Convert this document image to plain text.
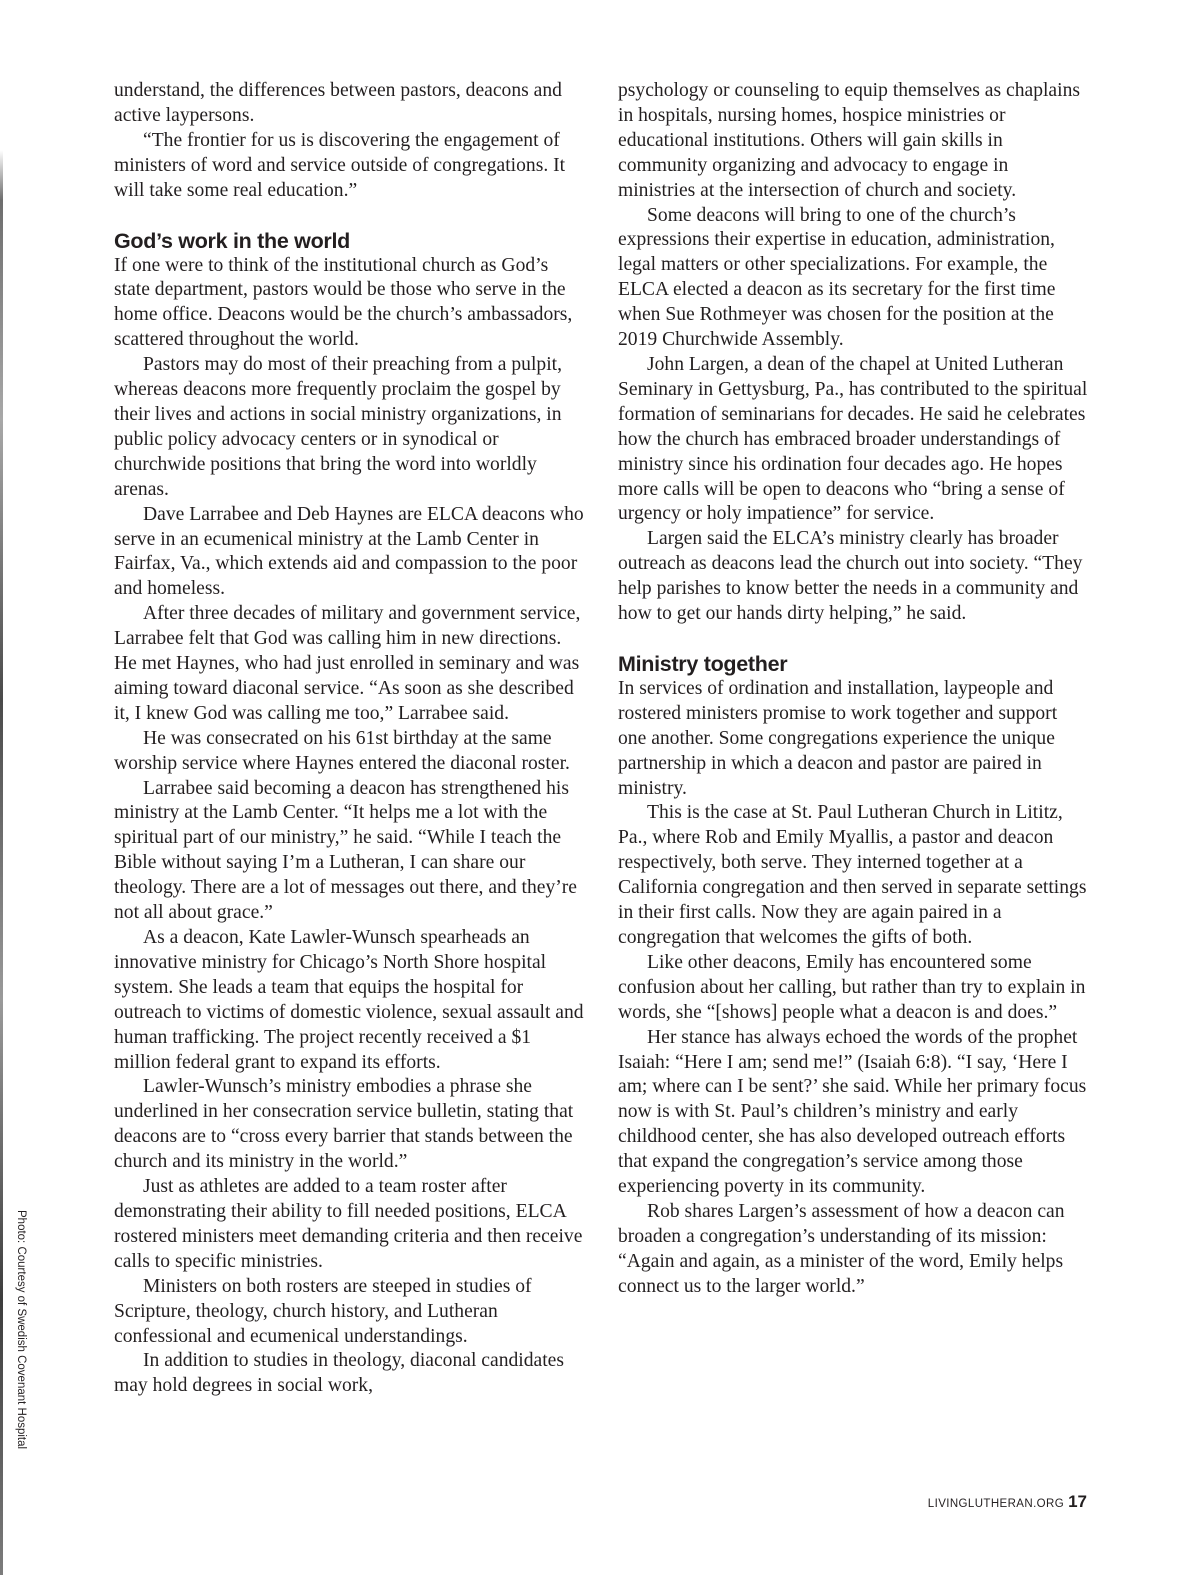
Photo: Courtesy of Swedish Covenant Hospital

understand, the differences between pastors, deacons and active laypersons.

“The frontier for us is discovering the engagement of ministers of word and service outside of congregations. It will take some real education.”

God’s work in the world

If one were to think of the institutional church as God’s state department, pastors would be those who serve in the home office. Deacons would be the church’s ambassadors, scattered throughout the world.

Pastors may do most of their preaching from a pulpit, whereas deacons more frequently proclaim the gospel by their lives and actions in social ministry organizations, in public policy advocacy centers or in synodical or churchwide positions that bring the word into worldly arenas.

Dave Larrabee and Deb Haynes are ELCA deacons who serve in an ecumenical ministry at the Lamb Center in Fairfax, Va., which extends aid and compassion to the poor and homeless.

After three decades of military and government service, Larrabee felt that God was calling him in new directions. He met Haynes, who had just enrolled in seminary and was aiming toward diaconal service. “As soon as she described it, I knew God was calling me too,” Larrabee said.

He was consecrated on his 61st birthday at the same worship service where Haynes entered the diaconal roster.

Larrabee said becoming a deacon has strengthened his ministry at the Lamb Center. “It helps me a lot with the spiritual part of our ministry,” he said. “While I teach the Bible without saying I’m a Lutheran, I can share our theology. There are a lot of messages out there, and they’re not all about grace.”

As a deacon, Kate Lawler-Wunsch spearheads an innovative ministry for Chicago’s North Shore hospital system. She leads a team that equips the hospital for outreach to victims of domestic violence, sexual assault and human trafficking. The project recently received a $1 million federal grant to expand its efforts.

Lawler-Wunsch’s ministry embodies a phrase she underlined in her consecration service bulletin, stating that deacons are to “cross every barrier that stands between the church and its ministry in the world.”

Just as athletes are added to a team roster after demonstrating their ability to fill needed positions, ELCA rostered ministers meet demanding criteria and then receive calls to specific ministries.

Ministers on both rosters are steeped in studies of Scripture, theology, church history, and Lutheran confessional and ecumenical understandings.

In addition to studies in theology, diaconal candidates may hold degrees in social work,

psychology or counseling to equip themselves as chaplains in hospitals, nursing homes, hospice ministries or educational institutions. Others will gain skills in community organizing and advocacy to engage in ministries at the intersection of church and society.

Some deacons will bring to one of the church’s expressions their expertise in education, administration, legal matters or other specializations. For example, the ELCA elected a deacon as its secretary for the first time when Sue Rothmeyer was chosen for the position at the 2019 Churchwide Assembly.

John Largen, a dean of the chapel at United Lutheran Seminary in Gettysburg, Pa., has contributed to the spiritual formation of seminarians for decades. He said he celebrates how the church has embraced broader understandings of ministry since his ordination four decades ago. He hopes more calls will be open to deacons who “bring a sense of urgency or holy impatience” for service.

Largen said the ELCA’s ministry clearly has broader outreach as deacons lead the church out into society. “They help parishes to know better the needs in a community and how to get our hands dirty helping,” he said.

Ministry together

In services of ordination and installation, laypeople and rostered ministers promise to work together and support one another. Some congregations experience the unique partnership in which a deacon and pastor are paired in ministry.

This is the case at St. Paul Lutheran Church in Lititz, Pa., where Rob and Emily Myallis, a pastor and deacon respectively, both serve. They interned together at a California congregation and then served in separate settings in their first calls. Now they are again paired in a congregation that welcomes the gifts of both.

Like other deacons, Emily has encountered some confusion about her calling, but rather than try to explain in words, she “[shows] people what a deacon is and does.”

Her stance has always echoed the words of the prophet Isaiah: “Here I am; send me!” (Isaiah 6:8). “I say, ‘Here I am; where can I be sent?’ she said. While her primary focus now is with St. Paul’s children’s ministry and early childhood center, she has also developed outreach efforts that expand the congregation’s service among those experiencing poverty in its community.

Rob shares Largen’s assessment of how a deacon can broaden a congregation’s understanding of its mission: “Again and again, as a minister of the word, Emily helps connect us to the larger world.”

LIVINGLUTHERAN.ORG 17
